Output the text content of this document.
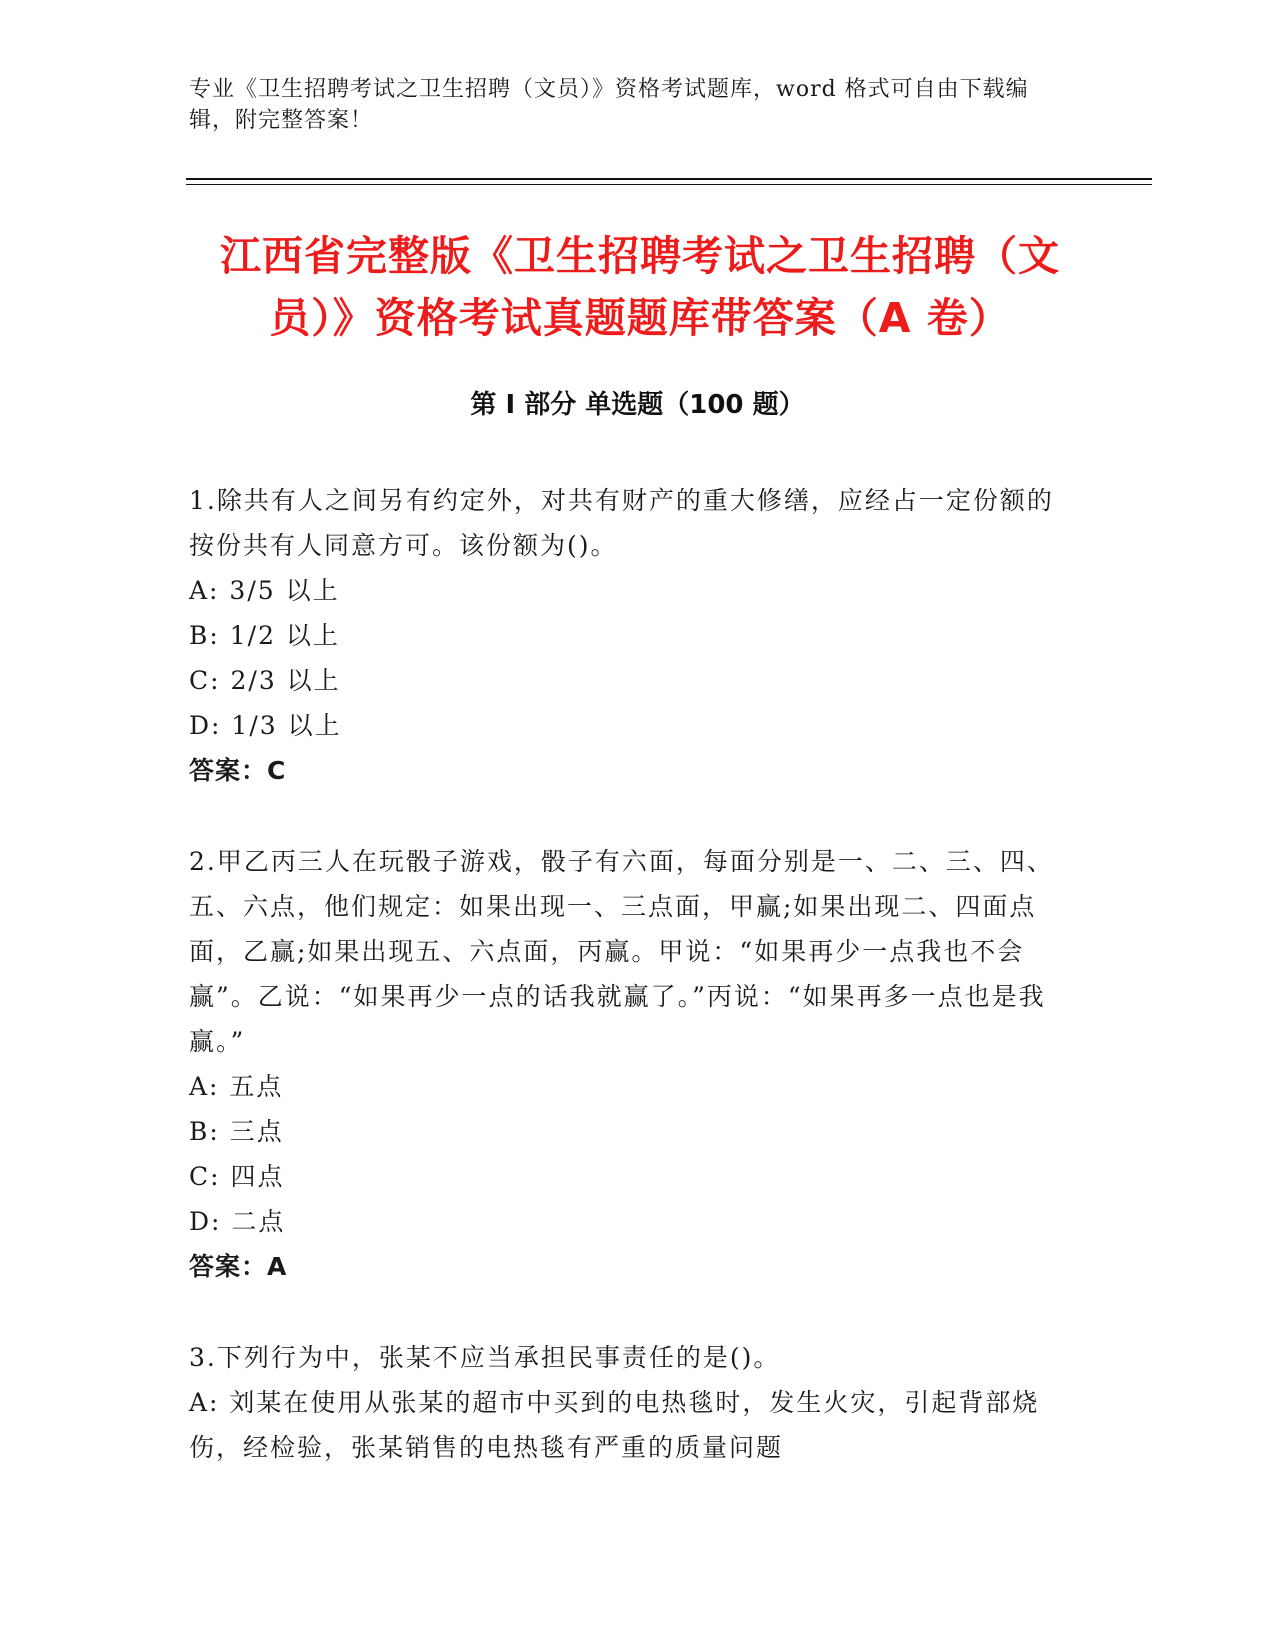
专业《卫生招聘考试之卫生招聘（文员）》资格考试题库，word 格式可自由下载编辑，附完整答案！
江西省完整版《卫生招聘考试之卫生招聘（文员）》资格考试真题题库带答案（A 卷）
第 I 部分 单选题（100 题）
1.除共有人之间另有约定外，对共有财产的重大修缮，应经占一定份额的按份共有人同意方可。该份额为()。
A: 3/5 以上
B: 1/2 以上
C: 2/3 以上
D: 1/3 以上
答案：C
2.甲乙丙三人在玩骰子游戏，骰子有六面，每面分别是一、二、三、四、五、六点，他们规定：如果出现一、三点面，甲赢;如果出现二、四面点面，乙赢;如果出现五、六点面，丙赢。甲说：“如果再少一点我也不会赢”。乙说：“如果再少一点的话我就赢了。”丙说：“如果再多一点也是我赢。”
A: 五点
B: 三点
C: 四点
D: 二点
答案：A
3.下列行为中，张某不应当承担民事责任的是()。
A: 刘某在使用从张某的超市中买到的电热毯时，发生火灾，引起背部烧伤，经检验，张某销售的电热毯有严重的质量问题
